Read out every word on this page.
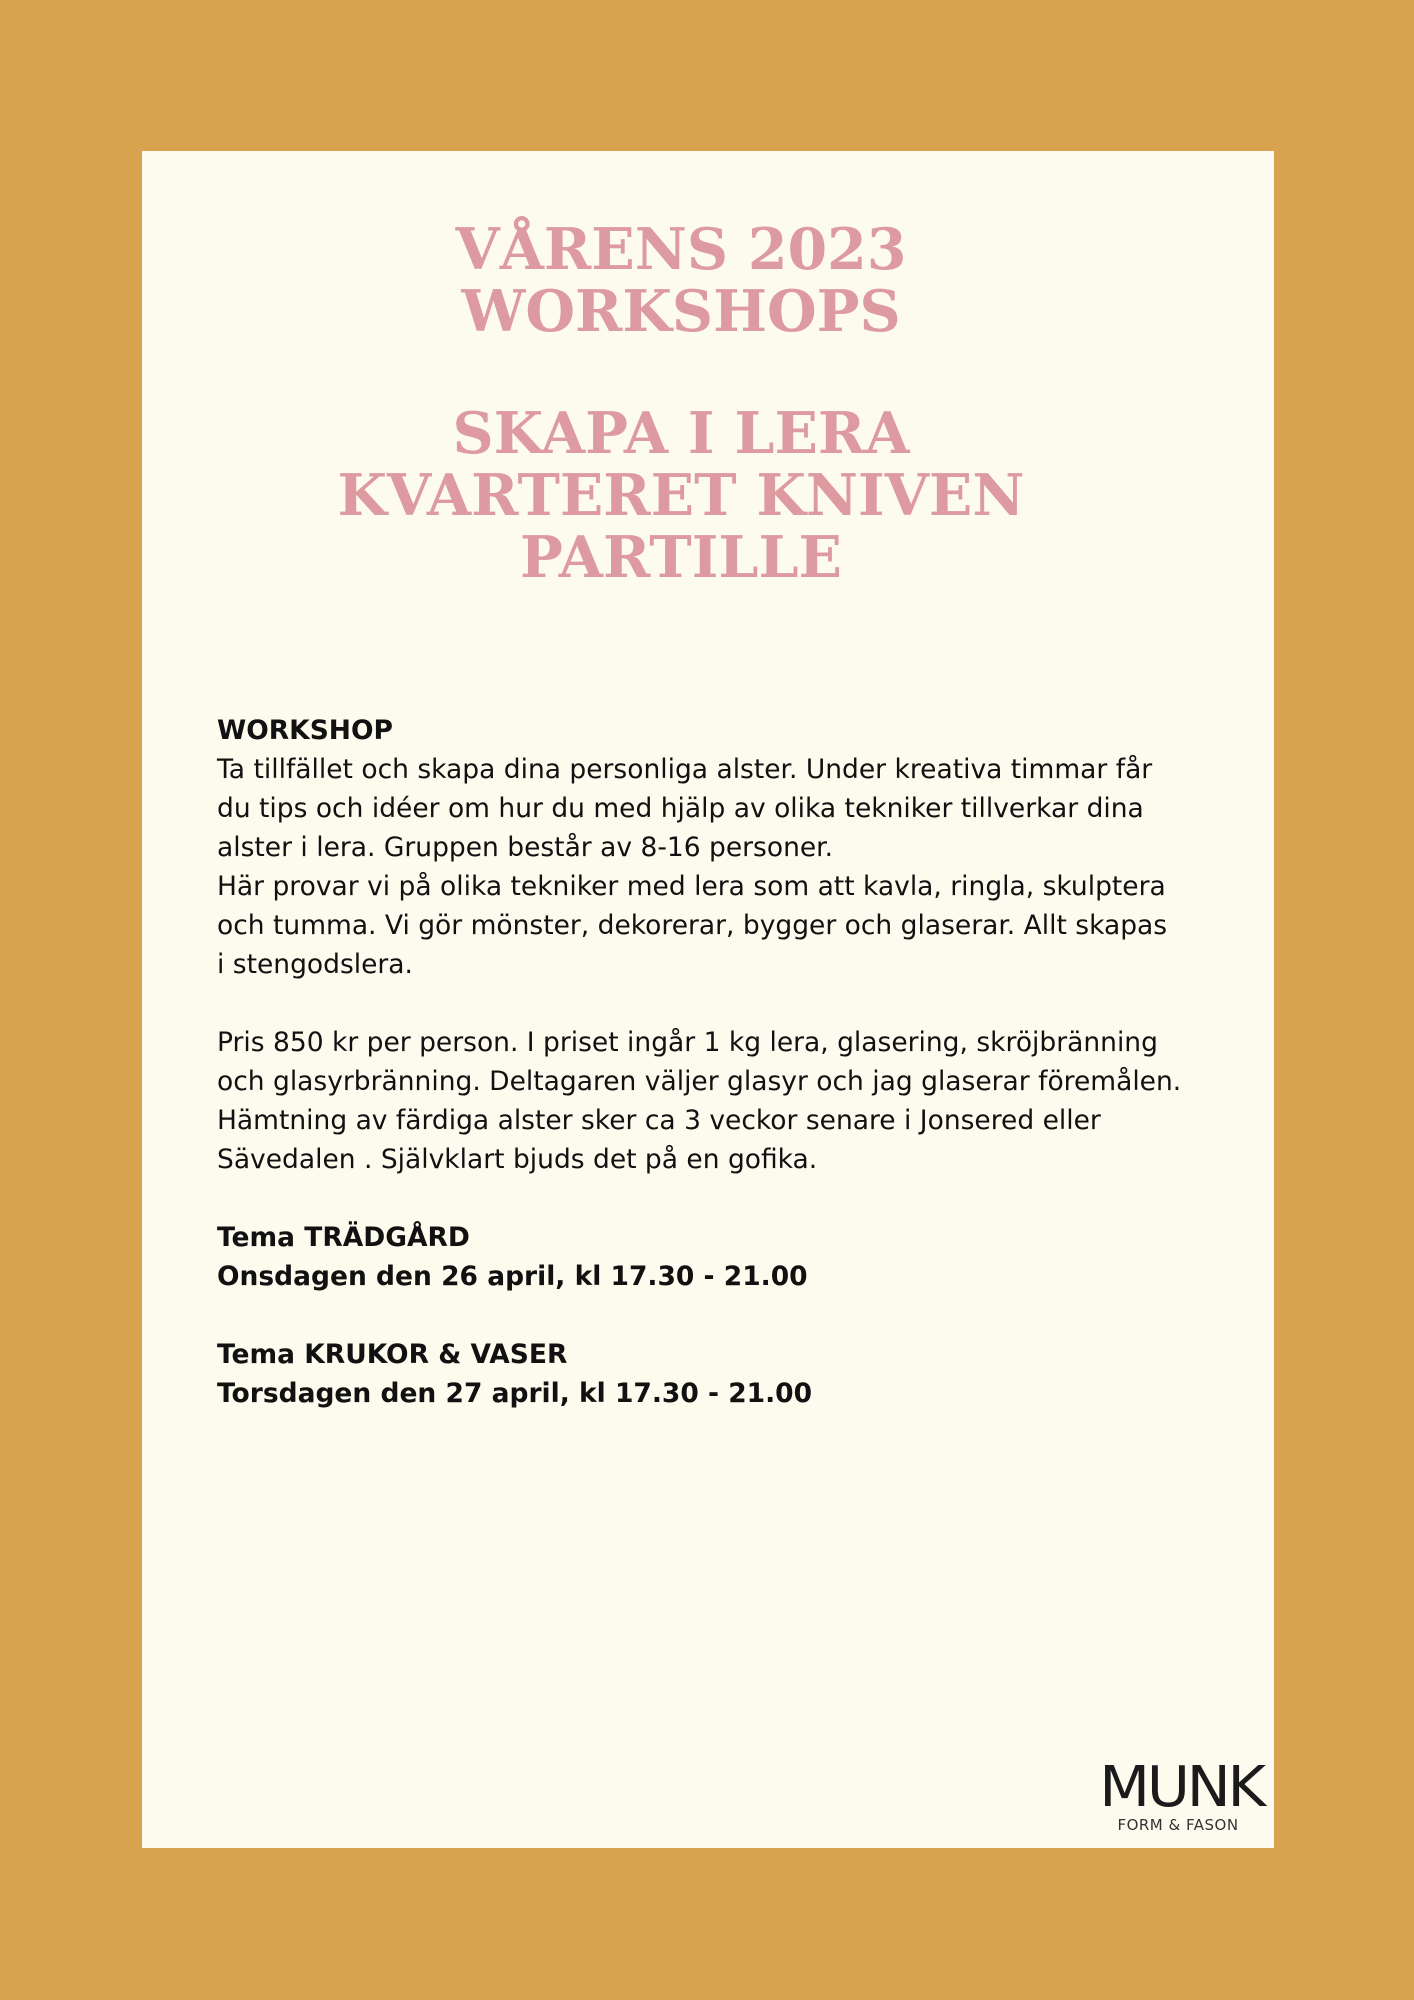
VÅRENS 2023
WORKSHOPS
SKAPA I LERA
KVARTERET KNIVEN
PARTILLE

WORKSHOP

Ta tillfället och skapa dina personliga alster. Under kreativa timmar får

du tips och idéer om hur du med hjälp av olika tekniker tillverkar dina

alster i lera. Gruppen består av 8-16 personer.

Här provar vi på olika tekniker med lera som att kavla, ringla, skulptera

och tumma. Vi gör mönster, dekorerar, bygger och glaserar. Allt skapas

i stengodslera.

Pris 850 kr per person. I priset ingår 1 kg lera, glasering, skröjbränning

och glasyrbränning. Deltagaren väljer glasyr och jag glaserar föremålen.

Hämtning av färdiga alster sker ca 3 veckor senare i Jonsered eller

Sävedalen . Självklart bjuds det på en gofika.

Tema TRÄDGÅRD

Onsdagen den 26 april, kl 17.30 - 21.00

Tema KRUKOR & VASER

Torsdagen den 27 april, kl 17.30 - 21.00

MUNK
FORM & FASON
